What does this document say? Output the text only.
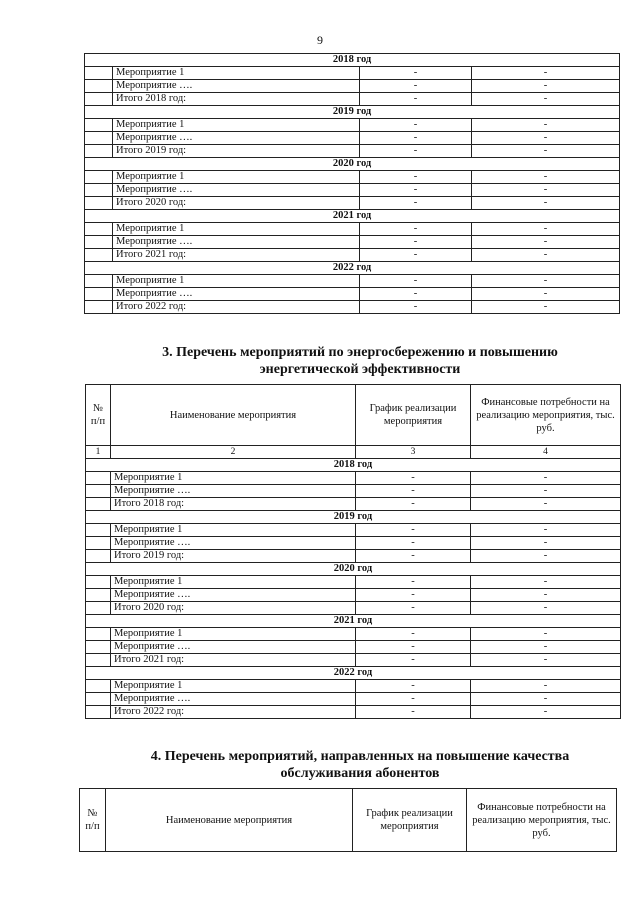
9
2018 год			
	Мероприятие 1	-	-
	Мероприятие ….	-	-
	Итого 2018 год:	-	-
2019 год			
	Мероприятие 1	-	-
	Мероприятие ….	-	-
	Итого 2019 год:	-	-
2020 год			
	Мероприятие 1	-	-
	Мероприятие ….	-	-
	Итого 2020 год:	-	-
2021 год			
	Мероприятие 1	-	-
	Мероприятие ….	-	-
	Итого 2021 год:	-	-
2022 год			
	Мероприятие 1	-	-
	Мероприятие ….	-	-
	Итого 2022 год:	-	-
3. Перечень мероприятий по энергосбережению и повышению
энергетической эффективности
№ п/п	Наименование мероприятия	График реализации мероприятия	Финансовые потребности на реализацию мероприятия, тыс. руб.
1	2	3	4
2018 год			
	Мероприятие 1	-	-
	Мероприятие ….	-	-
	Итого 2018 год:	-	-
2019 год			
	Мероприятие 1	-	-
	Мероприятие ….	-	-
	Итого 2019 год:	-	-
2020 год			
	Мероприятие 1	-	-
	Мероприятие ….	-	-
	Итого 2020 год:	-	-
2021 год			
	Мероприятие 1	-	-
	Мероприятие ….	-	-
	Итого 2021 год:	-	-
2022 год			
	Мероприятие 1	-	-
	Мероприятие ….	-	-
	Итого 2022 год:	-	-
4. Перечень мероприятий, направленных на повышение качества
обслуживания абонентов
№ п/п	Наименование мероприятия	График реализации мероприятия	Финансовые потребности на реализацию мероприятия, тыс. руб.
